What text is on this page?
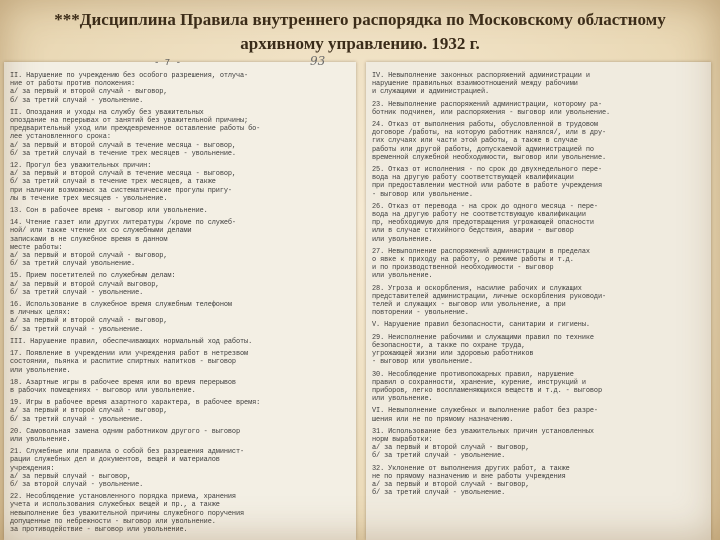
***Дисциплина Правила внутреннего распорядка по Московскому областному архивному управлению. 1932 г.
- 7 -	93
II. Нарушение по учреждению без особого разрешения, отлуча-
ние от работы против положения:
а/ за первый и второй случай - выговор,
б/ за третий случай - увольнение.
II. Опоздания и уходы на службу без уважительных
опоздание на перерывах от занятий без уважительной причины;
предварительный уход или преждевременное оставление работы бо-
лее установленного срока:
а/ за первый и второй случай в течение месяца - выговор,
б/ за третий случай в течение трех месяцев - увольнение.
12. Прогул без уважительных причин:
а/ за первый и второй случай в течение месяца - выговор,
б/ за третий случай в течение трех месяцев, а также
при наличии возможных за систематические прогулы пригу-
лы в течение трех месяцев - увольнение.
13. Сон в рабочее время - выговор или увольнение.
14. Чтение газет или других литературы /кроме по служеб-
ной/ или также чтение их со служебными делами
записками в не служебное время в данном
месте работы:
а/ за первый и второй случай - выговор,
б/ за третий случай увольнение.
15. Прием посетителей по служебным делам:
а/ за первый и второй случай выговор,
б/ за третий случай - увольнение.
16. Использование в служебное время служебным телефоном
в личных целях:
а/ за первый и второй случай - выговор,
б/ за третий случай - увольнение.
III. Нарушение правил, обеспечивающих нормальный ход работы.
17. Появление в учреждении или учреждения работ в нетрезвом
состоянии, пьянка и распитие спиртных напитков - выговор
или увольнение.
18. Азартные игры в рабочее время или во время перерывов
в рабочих помещениях - выговор или увольнение.
19. Игры в рабочее время азартного характера, в рабочее время:
а/ за первый и второй случай - выговор,
б/ за третий случай - увольнение.
20. Самовольная замена одним работником другого - выговор
или увольнение.
21. Служебные или правила о собой без разрешения админист-
рации служебных дел и документов, вещей и материалов
учреждения:
а/ за первый случай - выговор,
б/ за второй случай - увольнение.
22. Несоблюдение установленного порядка приема, хранения
учета и использования служебных вещей и пр., а также
невыполнение без уважительной причины служебного поручения
допущенные по небрежности - выговор или увольнение.
за противодействие - выговор или увольнение.
IV. Невыполнение законных распоряжений администрации и
нарушение правильных взаимоотношений между рабочими
и служащими и администрацией.
23. Невыполнение распоряжений администрации, которому ра-
ботник подчинен, или распоряжения - выговор или увольнение.
24. Отказ от выполнения работы, обусловленной в трудовом
договоре /работы, на которую работник нанялся/, или в дру-
гих случаях или части этой работы, а также в случае
работы или другой работы, допускаемой администрацией по
временной служебной необходимости, выговор или увольнение.
25. Отказ от исполнения - по срок до двухнедельного пере-
вода на другую работу соответствующей квалификации
при предоставлении местной или работе в работе учреждения
- выговор или увольнение.
26. Отказ от перевода - на срок до одного месяца - пере-
вода на другую работу не соответствующую квалификации
пр, необходимую для предотвращения угрожающей опасности
или в случае стихийного бедствия, аварии - выговор
или увольнение.
27. Невыполнение распоряжений администрации в пределах
о явке к приходу на работу, о режиме работы и т.д.
и по производственной необходимости - выговор
или увольнение.
28. Угроза и оскорбления, насилие рабочих и служащих
представителей администрации, личные оскорбления руководи-
телей и служащих - выговор или увольнение, а при
повторении - увольнение.
V. Нарушение правил безопасности, санитарии и гигиены.
29. Неисполнение рабочими и служащими правил по технике
безопасности, а также по охране труда,
угрожающей жизни или здоровью работников
- выговор или увольнение.
30. Несоблюдение противопожарных правил, нарушение
правил о сохранности, хранение, курение, инструкций и
приборов, легко воспламеняющихся веществ и т.д. - выговор
или увольнение.
VI. Невыполнение служебных и выполнение работ без разре-
шения или не по прямому назначению.
31. Использование без уважительных причин установленных
норм выработки:
а/ за первый и второй случай - выговор,
б/ за третий случай - увольнение.
32. Уклонение от выполнения других работ, а также
не по прямому назначению и вне работы учреждения
а/ за первый и второй случай - выговор,
б/ за третий случай - увольнение.
